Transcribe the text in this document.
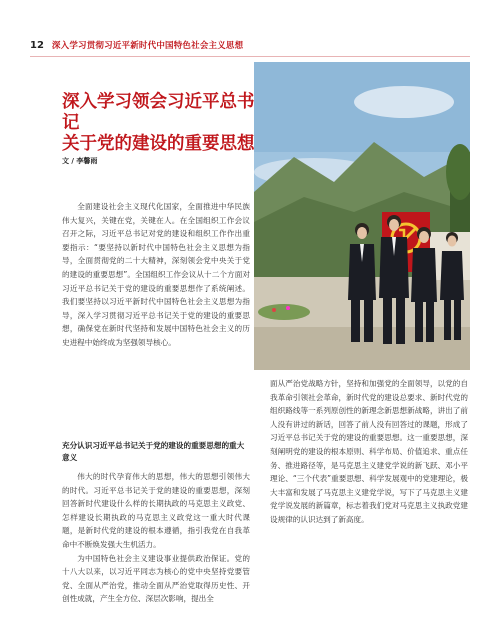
12 深入学习贯彻习近平新时代中国特色社会主义思想
深入学习领会习近平总书记
关于党的建设的重要思想
文 / 李馨雨

全面建设社会主义现代化国家，全面推进中华民族伟大复兴，关键在党，关键在人。在全国组织工作会议召开之际，习近平总书记对党的建设和组织工作作出重要指示：“要坚持以新时代中国特色社会主义思想为指导，全面贯彻党的二十大精神，深刻领会党中央关于党的建设的重要思想”。全国组织工作会议从十二个方面对习近平总书记关于党的建设的重要思想作了系统阐述。我们要坚持以习近平新时代中国特色社会主义思想为指导，深入学习贯彻习近平总书记关于党的建设的重要思想，确保党在新时代坚持和发展中国特色社会主义的历史进程中始终成为坚强领导核心。

充分认识习近平总书记关于党的建设的重要思想的重大意义

伟大的时代孕育伟大的思想，伟大的思想引领伟大的时代。习近平总书记关于党的建设的重要思想，深刻回答新时代建设什么样的长期执政的马克思主义政党、怎样建设长期执政的马克思主义政党这一重大时代课题，是新时代党的建设的根本遵循，指引我党在自我革命中不断焕发强大生机活力。

为中国特色社会主义建设事业提供政治保证。党的十八大以来，以习近平同志为核心的党中央坚持党要管党、全面从严治党，推动全面从严治党取得历史性、开创性成就，产生全方位、深层次影响，提出全

面从严治党战略方针，坚持和加强党的全面领导，以党的自我革命引领社会革命，新时代党的建设总要求、新时代党的组织路线等一系列原创性的新理念新思想新战略，讲出了前人没有讲过的新话，回答了前人没有回答过的课题，形成了习近平总书记关于党的建设的重要思想。这一重要思想，深刻阐明党的建设的根本原则、科学布局、价值追求、重点任务、推进路径等，是马克思主义建党学说的新飞跃、邓小平理论、“三个代表”重要思想、科学发展观中的党建理论，极大丰富和发展了马克思主义建党学说，写下了马克思主义建党学说发展的新篇章，标志着我们党对马克思主义执政党建设规律的认识达到了新高度。
